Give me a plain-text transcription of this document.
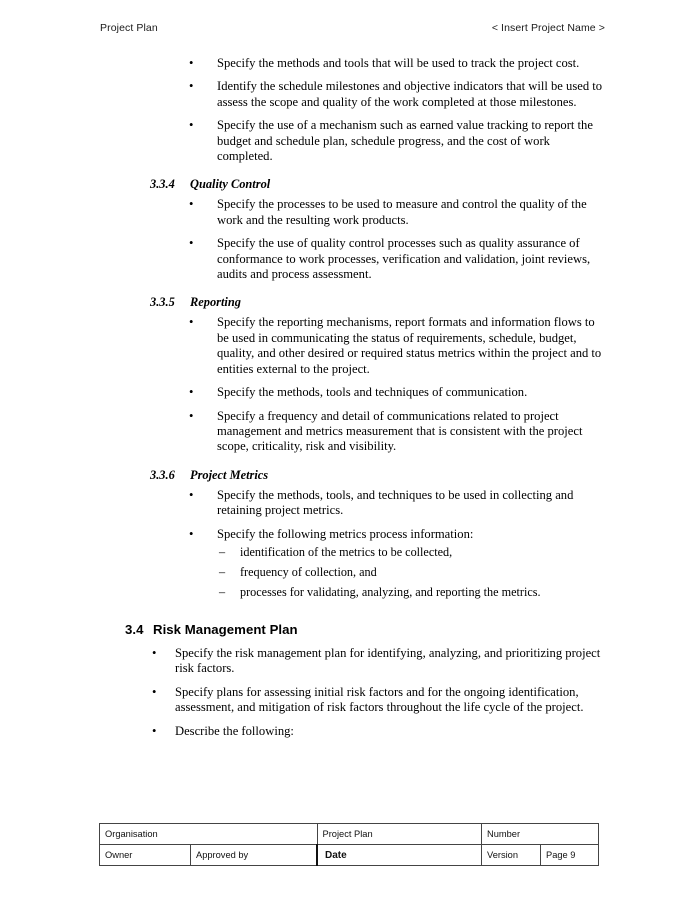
Project Plan	< Insert Project Name >
• Specify the methods and tools that will be used to track the project cost.
• Identify the schedule milestones and objective indicators that will be used to assess the scope and quality of the work completed at those milestones.
• Specify the use of a mechanism such as earned value tracking to report the budget and schedule plan, schedule progress, and the cost of work completed.
3.3.4	Quality Control
• Specify the processes to be used to measure and control the quality of the work and the resulting work products.
• Specify the use of quality control processes such as quality assurance of conformance to work processes, verification and validation, joint reviews, audits and process assessment.
3.3.5	Reporting
• Specify the reporting mechanisms, report formats and information flows to be used in communicating the status of requirements, schedule, budget, quality, and other desired or required status metrics within the project and to entities external to the project.
• Specify the methods, tools and techniques of communication.
• Specify a frequency and detail of communications related to project management and metrics measurement that is consistent with the project scope, criticality, risk and visibility.
3.3.6	Project Metrics
• Specify the methods, tools, and techniques to be used in collecting and retaining project metrics.
• Specify the following metrics process information:
– identification of the metrics to be collected,
– frequency of collection, and
– processes for validating, analyzing, and reporting the metrics.
3.4 Risk Management Plan
• Specify the risk management plan for identifying, analyzing, and prioritizing project risk factors.
• Specify plans for assessing initial risk factors and for the ongoing identification, assessment, and mitigation of risk factors throughout the life cycle of the project.
• Describe the following:
Organisation		Project Plan	Number	
Owner	Approved by	Date	Version	Page 9
